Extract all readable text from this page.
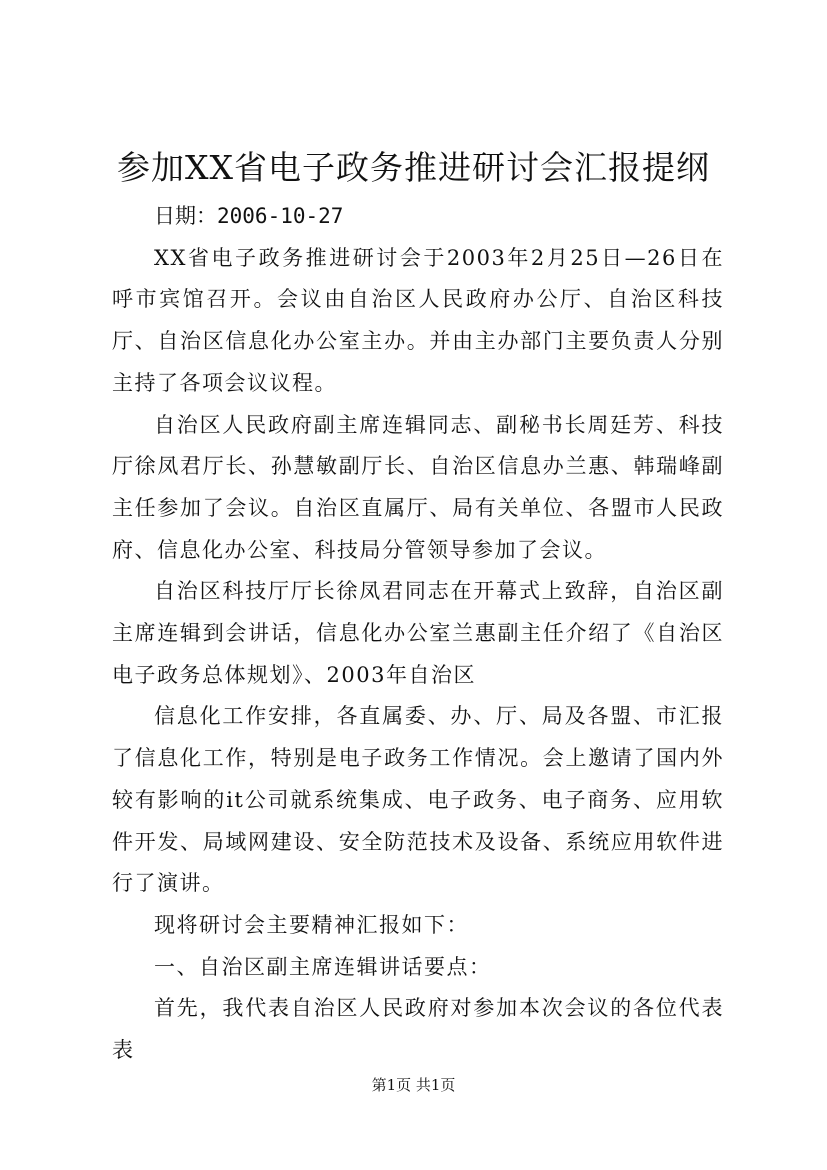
参加XX省电子政务推进研讨会汇报提纲

日期：2006-10-27

XX省电子政务推进研讨会于2003年2月25日—26日在呼市宾馆召开。会议由自治区人民政府办公厅、自治区科技厅、自治区信息化办公室主办。并由主办部门主要负责人分别主持了各项会议议程。

自治区人民政府副主席连辑同志、副秘书长周廷芳、科技厅徐凤君厅长、孙慧敏副厅长、自治区信息办兰惠、韩瑞峰副主任参加了会议。自治区直属厅、局有关单位、各盟市人民政府、信息化办公室、科技局分管领导参加了会议。

自治区科技厅厅长徐凤君同志在开幕式上致辞，自治区副主席连辑到会讲话，信息化办公室兰惠副主任介绍了《自治区电子政务总体规划》、2003年自治区

信息化工作安排，各直属委、办、厅、局及各盟、市汇报了信息化工作，特别是电子政务工作情况。会上邀请了国内外较有影响的it公司就系统集成、电子政务、电子商务、应用软件开发、局域网建设、安全防范技术及设备、系统应用软件进行了演讲。

现将研讨会主要精神汇报如下：

一、自治区副主席连辑讲话要点：

首先，我代表自治区人民政府对参加本次会议的各位代表表

第1页 共1页
